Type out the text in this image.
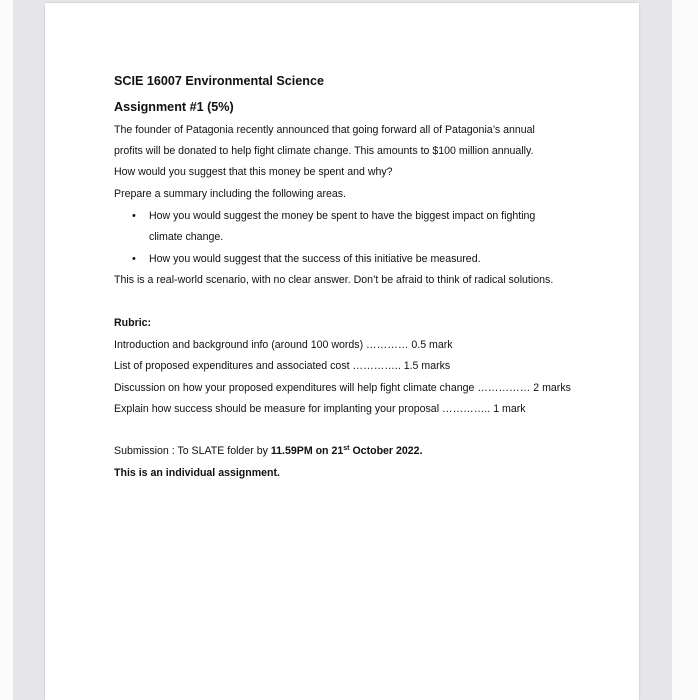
SCIE 16007 Environmental Science
Assignment #1 (5%)
The founder of Patagonia recently announced that going forward all of Patagonia’s annual
profits will be donated to help fight climate change. This amounts to $100 million annually.
How would you suggest that this money be spent and why?
Prepare a summary including the following areas.
• How you would suggest the money be spent to have the biggest impact on fighting
climate change.
• How you would suggest that the success of this initiative be measured.
This is a real-world scenario, with no clear answer. Don’t be afraid to think of radical solutions.
Rubric:
Introduction and background info (around 100 words) ………… 0.5 mark
List of proposed expenditures and associated cost ………….. 1.5 marks
Discussion on how your proposed expenditures will help fight climate change …………… 2 marks
Explain how success should be measure for implanting your proposal ………….. 1 mark
Submission : To SLATE folder by 11.59PM on 21st October 2022.
This is an individual assignment.
